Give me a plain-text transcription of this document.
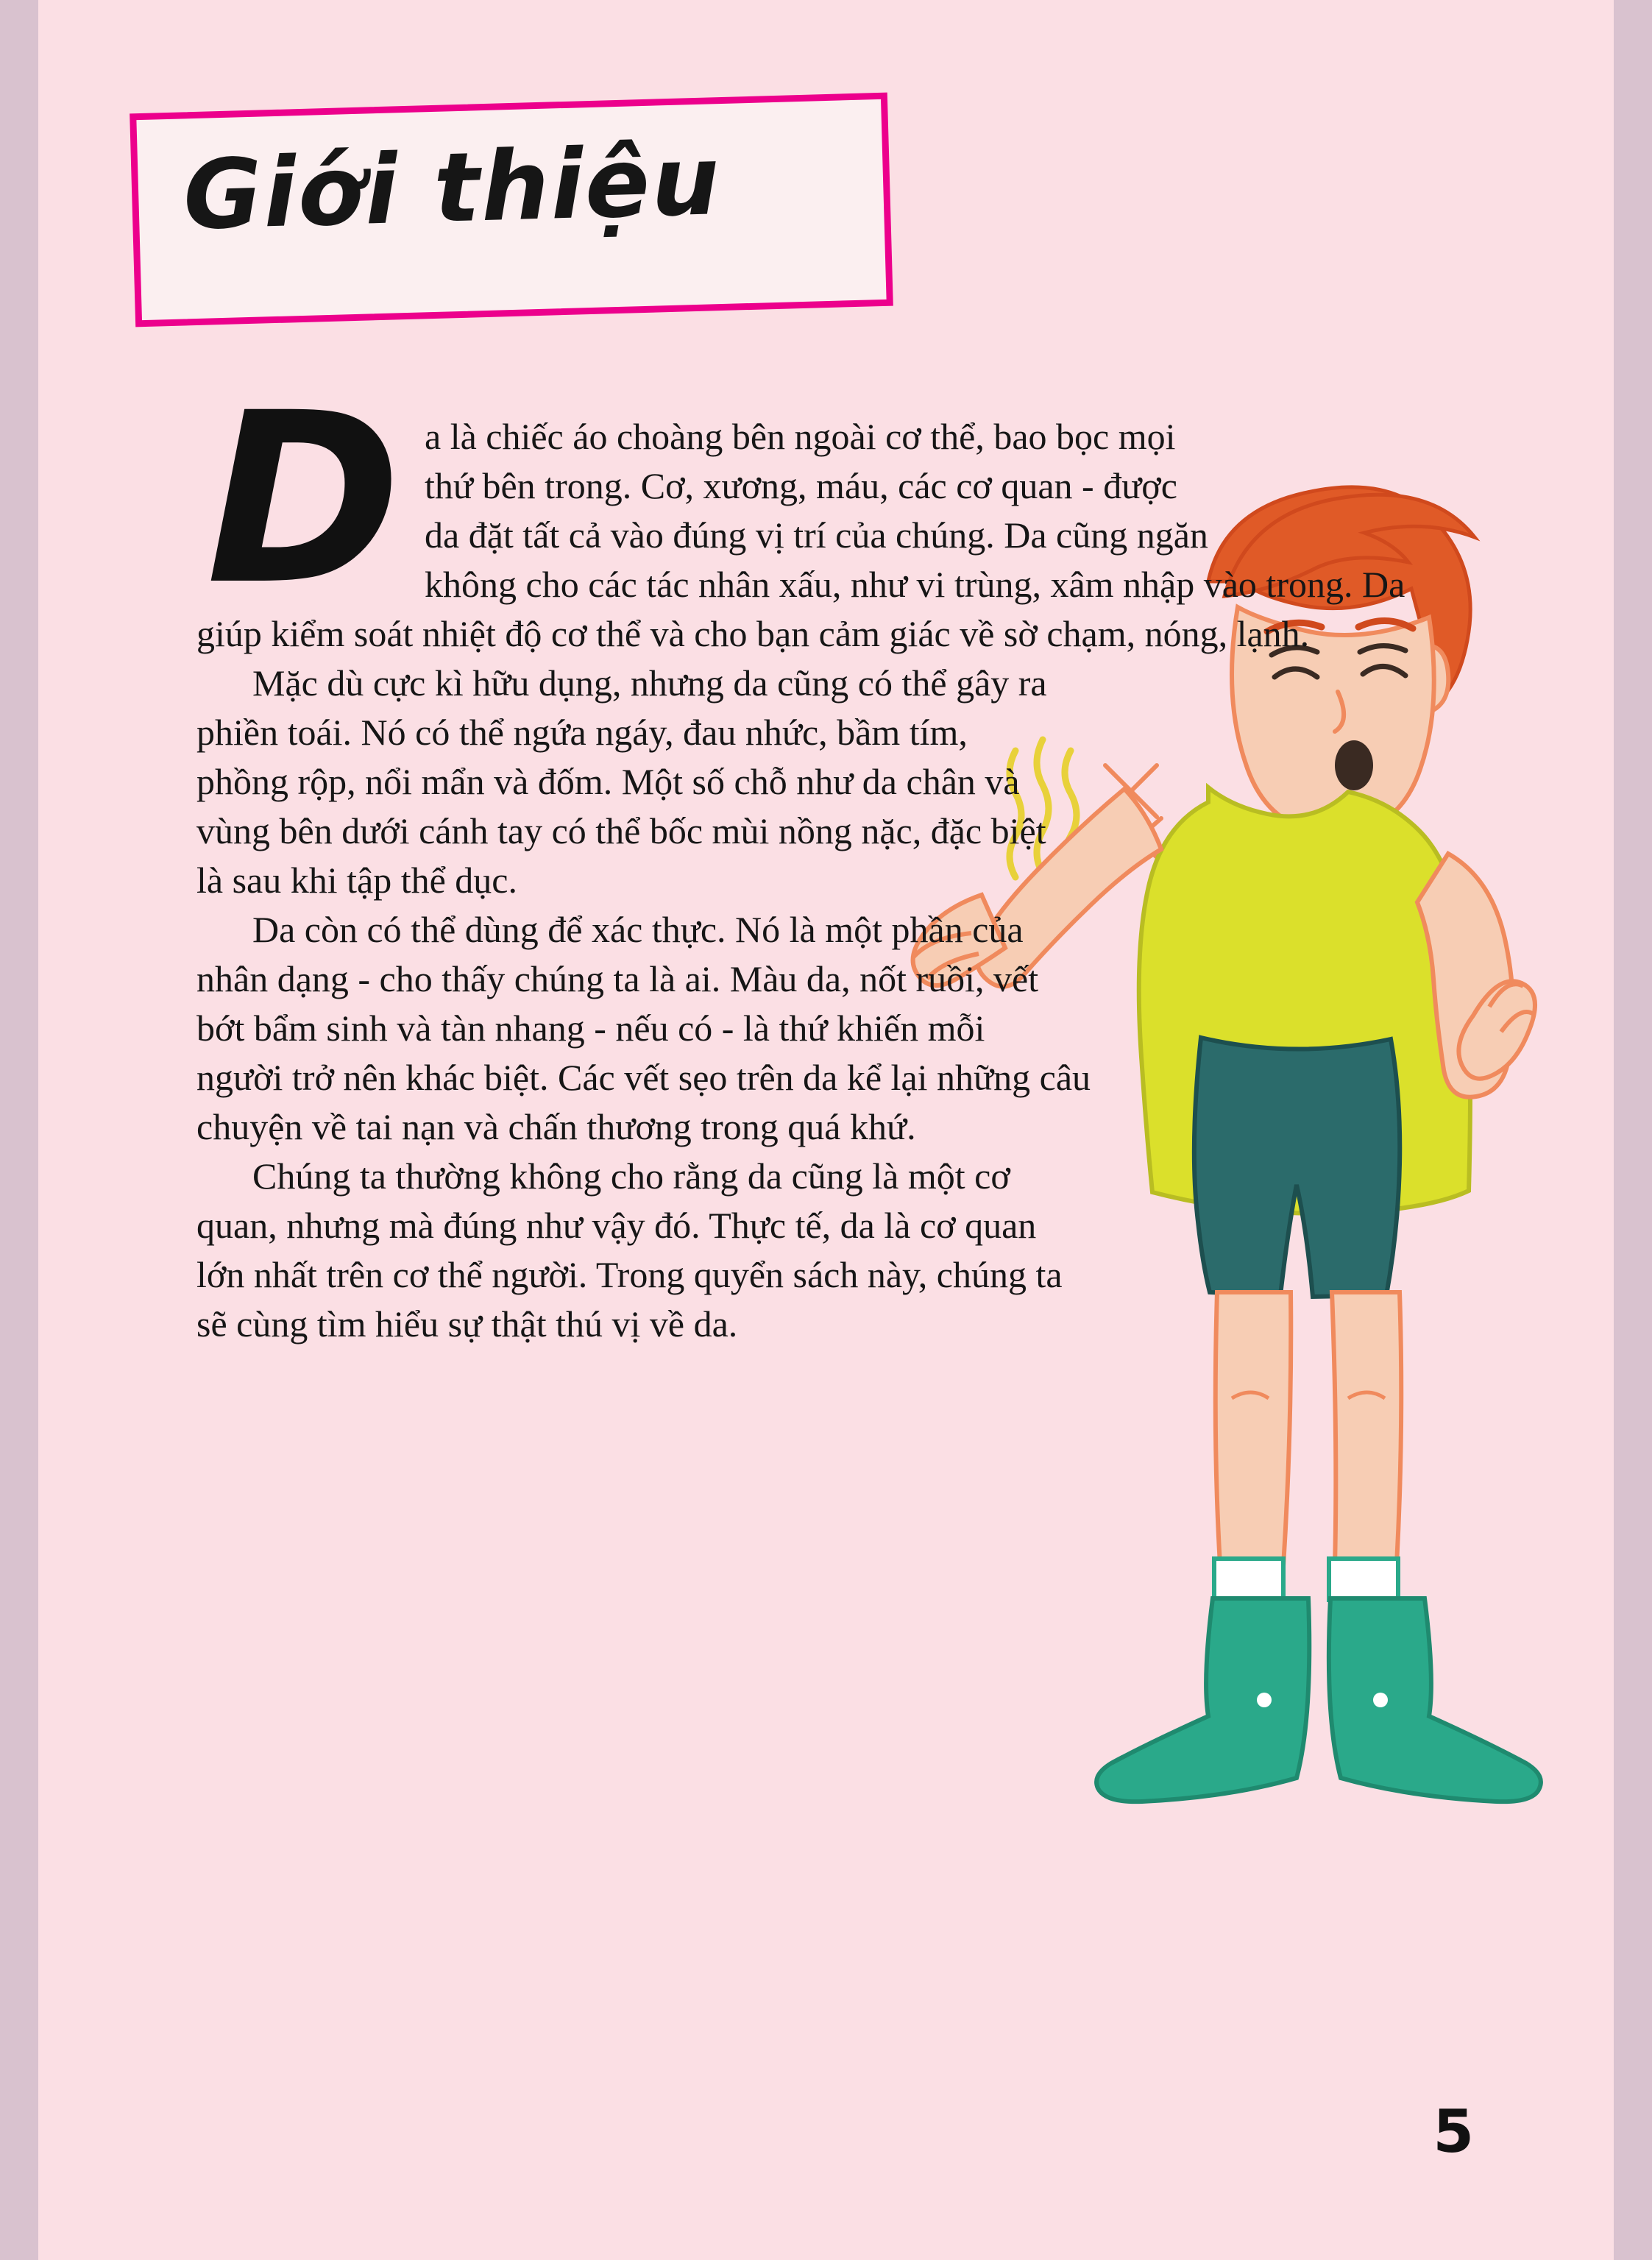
Giới thiệu
D a là chiếc áo choàng bên ngoài cơ thể, bao bọc mọi thứ bên trong. Cơ, xương, máu, các cơ quan - được da đặt tất cả vào đúng vị trí của chúng. Da cũng ngăn không cho các tác nhân xấu, như vi trùng, xâm nhập vào trong. Da giúp kiểm soát nhiệt độ cơ thể và cho bạn cảm giác về sờ chạm, nóng, lạnh.

Mặc dù cực kì hữu dụng, nhưng da cũng có thể gây ra phiền toái. Nó có thể ngứa ngáy, đau nhức, bầm tím, phồng rộp, nổi mẩn và đốm. Một số chỗ như da chân và vùng bên dưới cánh tay có thể bốc mùi nồng nặc, đặc biệt là sau khi tập thể dục.

Da còn có thể dùng để xác thực. Nó là một phần của nhân dạng - cho thấy chúng ta là ai. Màu da, nốt ruồi, vết bớt bẩm sinh và tàn nhang - nếu có - là thứ khiến mỗi người trở nên khác biệt. Các vết sẹo trên da kể lại những câu chuyện về tai nạn và chấn thương trong quá khứ.

Chúng ta thường không cho rằng da cũng là một cơ quan, nhưng mà đúng như vậy đó. Thực tế, da là cơ quan lớn nhất trên cơ thể người. Trong quyển sách này, chúng ta sẽ cùng tìm hiểu sự thật thú vị về da.

5
